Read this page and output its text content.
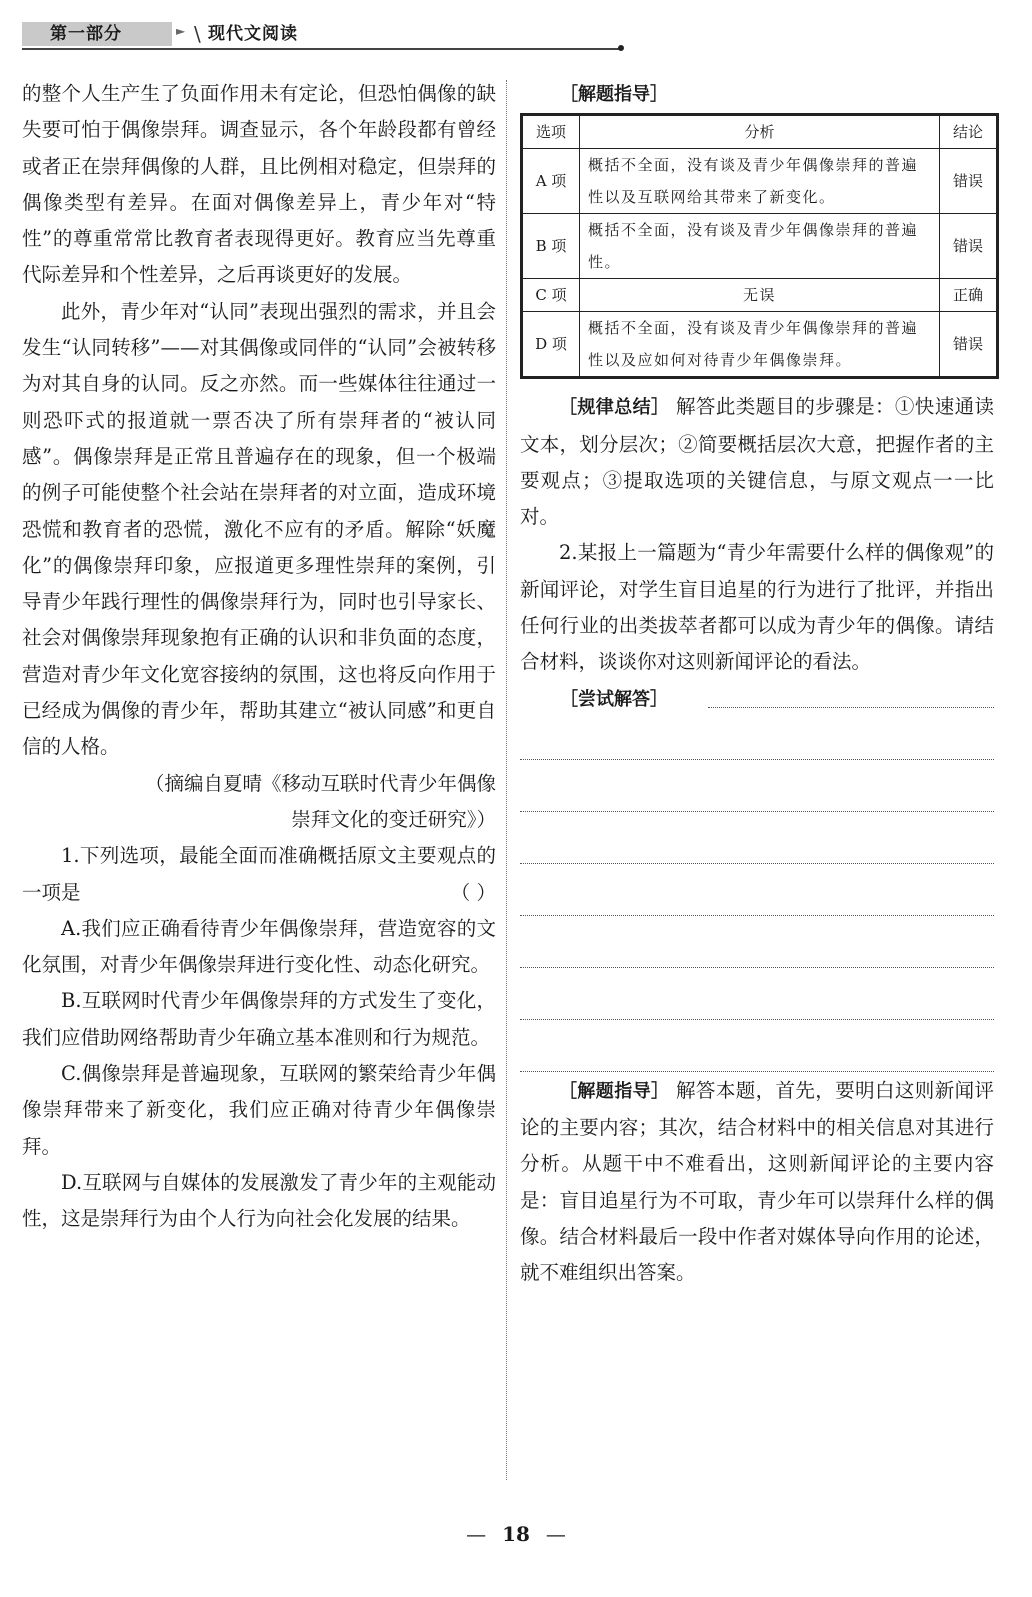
第一部分	► \ 现代文阅读

的整个人生产生了负面作用未有定论，但恐怕偶像的缺失要可怕于偶像崇拜。调查显示，各个年龄段都有曾经或者正在崇拜偶像的人群，且比例相对稳定，但崇拜的偶像类型有差异。在面对偶像差异上，青少年对“特性”的尊重常常比教育者表现得更好。教育应当先尊重代际差异和个性差异，之后再谈更好的发展。

此外，青少年对“认同”表现出强烈的需求，并且会发生“认同转移”——对其偶像或同伴的“认同”会被转移为对其自身的认同。反之亦然。而一些媒体往往通过一则恐吓式的报道就一票否决了所有崇拜者的“被认同感”。偶像崇拜是正常且普遍存在的现象，但一个极端的例子可能使整个社会站在崇拜者的对立面，造成环境恐慌和教育者的恐慌，激化不应有的矛盾。解除“妖魔化”的偶像崇拜印象，应报道更多理性崇拜的案例，引导青少年践行理性的偶像崇拜行为，同时也引导家长、社会对偶像崇拜现象抱有正确的认识和非负面的态度，营造对青少年文化宽容接纳的氛围，这也将反向作用于已经成为偶像的青少年，帮助其建立“被认同感”和更自信的人格。

（摘编自夏晴《移动互联时代青少年偶像

崇拜文化的变迁研究》）

1.下列选项，最能全面而准确概括原文主要观点的一项是	（ ）

A.我们应正确看待青少年偶像崇拜，营造宽容的文化氛围，对青少年偶像崇拜进行变化性、动态化研究。

B.互联网时代青少年偶像崇拜的方式发生了变化，我们应借助网络帮助青少年确立基本准则和行为规范。

C.偶像崇拜是普遍现象，互联网的繁荣给青少年偶像崇拜带来了新变化，我们应正确对待青少年偶像崇拜。

D.互联网与自媒体的发展激发了青少年的主观能动性，这是崇拜行为由个人行为向社会化发展的结果。

［解题指导］

选项	分析	结论
A 项	概括不全面，没有谈及青少年偶像崇拜的普遍性以及互联网给其带来了新变化。	错误
B 项	概括不全面，没有谈及青少年偶像崇拜的普遍性。	错误
C 项	无误	正确
D 项	概括不全面，没有谈及青少年偶像崇拜的普遍性以及应如何对待青少年偶像崇拜。	错误

［规律总结］ 解答此类题目的步骤是：①快速通读文本，划分层次；②简要概括层次大意，把握作者的主要观点；③提取选项的关键信息，与原文观点一一比对。

2.某报上一篇题为“青少年需要什么样的偶像观”的新闻评论，对学生盲目追星的行为进行了批评，并指出任何行业的出类拔萃者都可以成为青少年的偶像。请结合材料，谈谈你对这则新闻评论的看法。

［尝试解答］

［解题指导］ 解答本题，首先，要明白这则新闻评论的主要内容；其次，结合材料中的相关信息对其进行分析。从题干中不难看出，这则新闻评论的主要内容是：盲目追星行为不可取，青少年可以崇拜什么样的偶像。结合材料最后一段中作者对媒体导向作用的论述，就不难组织出答案。

— 18 —
